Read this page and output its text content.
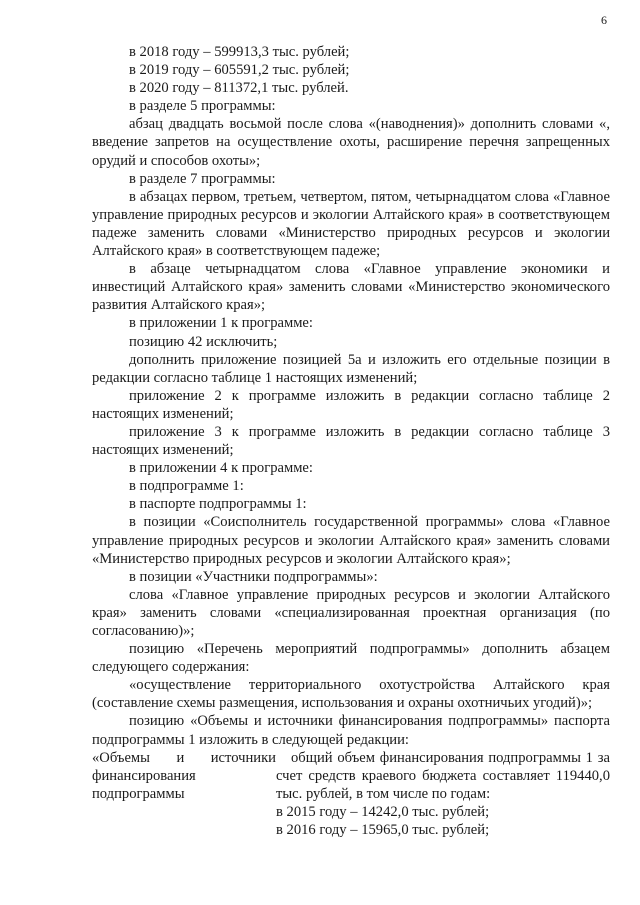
6

в 2018 году – 599913,3 тыс. рублей;

в 2019 году – 605591,2 тыс. рублей;

в 2020 году – 811372,1 тыс. рублей.

в разделе 5 программы:

абзац двадцать восьмой после слова «(наводнения)» дополнить словами «, введение запретов на осуществление охоты, расширение перечня запрещенных орудий и способов охоты»;

в разделе 7 программы:

в абзацах первом, третьем, четвертом, пятом, четырнадцатом слова «Главное управление природных ресурсов и экологии Алтайского края» в соответствующем падеже заменить словами «Министерство природных ресурсов и экологии Алтайского края» в соответствующем падеже;

в абзаце четырнадцатом слова «Главное управление экономики и инвестиций Алтайского края» заменить словами «Министерство экономического развития Алтайского края»;

в приложении 1 к программе:

позицию 42 исключить;

дополнить приложение позицией 5а и изложить его отдельные позиции в редакции согласно таблице 1 настоящих изменений;

приложение 2 к программе изложить в редакции согласно таблице 2 настоящих изменений;

приложение 3 к программе изложить в редакции согласно таблице 3 настоящих изменений;

в приложении 4 к программе:

в подпрограмме 1:

в паспорте подпрограммы 1:

в позиции «Соисполнитель государственной программы» слова «Главное управление природных ресурсов и экологии Алтайского края» заменить словами «Министерство природных ресурсов и экологии Алтайского края»;

в позиции «Участники подпрограммы»:

слова «Главное управление природных ресурсов и экологии Алтайского края» заменить словами «специализированная проектная организация (по согласованию)»;

позицию «Перечень мероприятий подпрограммы» дополнить абзацем следующего содержания:

«осуществление территориального охотустройства Алтайского края (составление схемы размещения, использования и охраны охотничьих угодий)»;

позицию «Объемы и источники финансирования подпрограммы» паспорта подпрограммы 1 изложить в следующей редакции:

«Объемы и источники финансирования подпрограммы

общий объем финансирования подпрограммы 1 за счет средств краевого бюджета составляет 119440,0 тыс. рублей, в том числе по годам:

в 2015 году – 14242,0 тыс. рублей;

в 2016 году – 15965,0 тыс. рублей;
